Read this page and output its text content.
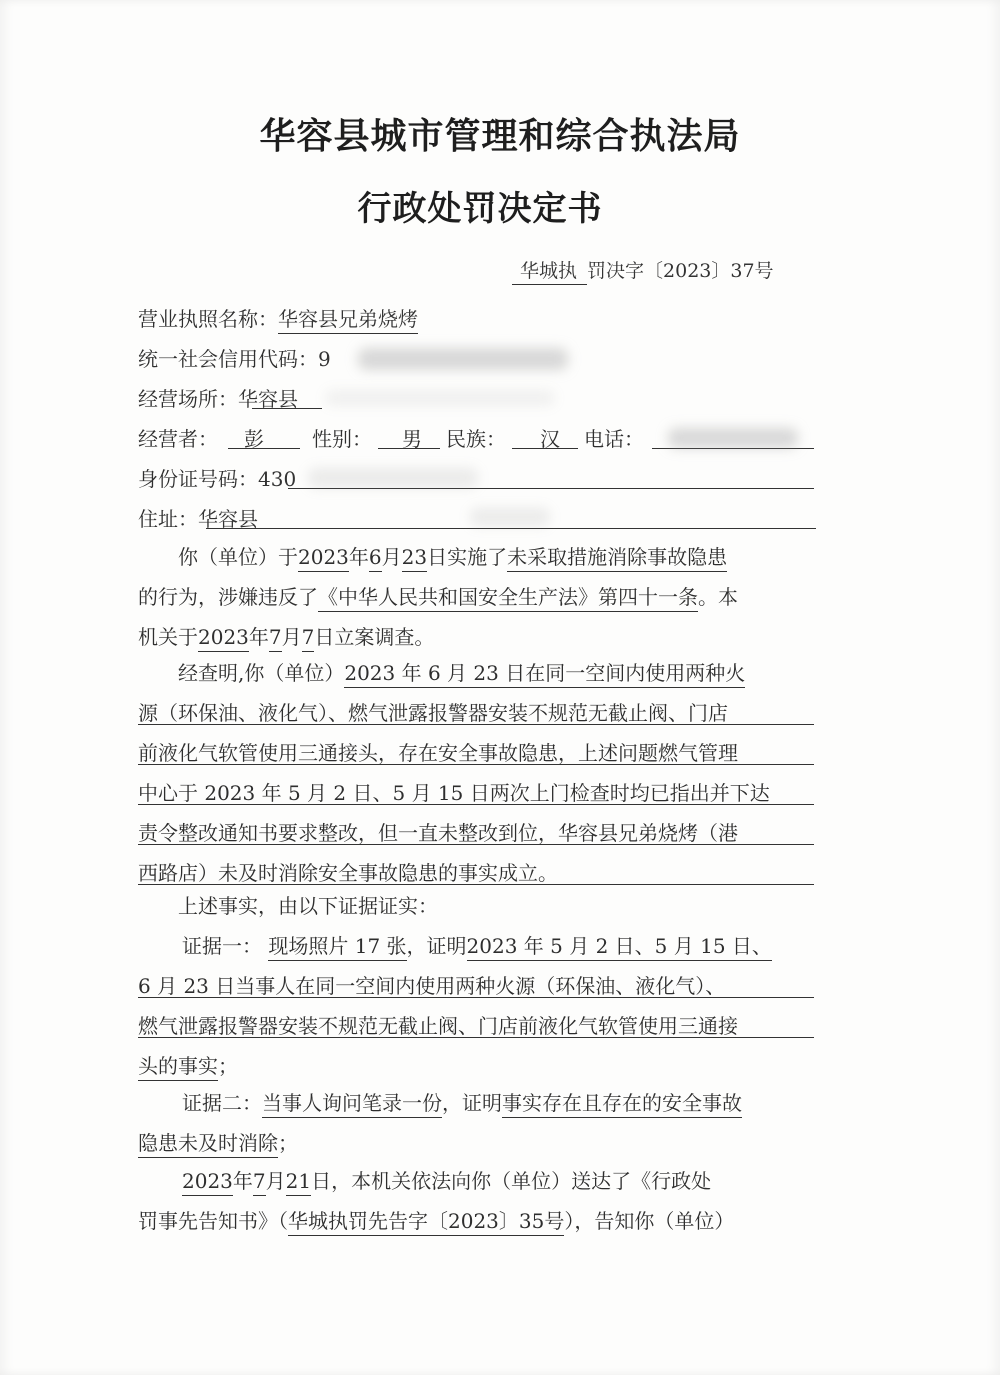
华容县城市管理和综合执法局
行政处罚决定书
华城执 罚决字〔2023〕37号
营业执照名称：华容县兄弟烧烤
统一社会信用代码：9
经营场所：华容县
经营者： 彭 性别： 男 民族： 汉 电话：
身份证号码：430
住址：华容县
你（单位）于2023年6月23日实施了未采取措施消除事故隐患
的行为，涉嫌违反了《中华人民共和国安全生产法》第四十一条。本
机关于2023年7月7日立案调查。
经查明,你（单位）2023 年 6 月 23 日在同一空间内使用两种火
源（环保油、液化气）、燃气泄露报警器安装不规范无截止阀、门店
前液化气软管使用三通接头，存在安全事故隐患，上述问题燃气管理
中心于 2023 年 5 月 2 日、5 月 15 日两次上门检查时均已指出并下达
责令整改通知书要求整改，但一直未整改到位，华容县兄弟烧烤（港
西路店）未及时消除安全事故隐患的事实成立。
上述事实，由以下证据证实：
证据一： 现场照片 17 张，证明2023 年 5 月 2 日、5 月 15 日、
6 月 23 日当事人在同一空间内使用两种火源（环保油、液化气）、
燃气泄露报警器安装不规范无截止阀、门店前液化气软管使用三通接
头的事实；
证据二：当事人询问笔录一份，证明事实存在且存在的安全事故
隐患未及时消除；
2023年7月21日，本机关依法向你（单位）送达了《行政处
罚事先告知书》（华城执罚先告字〔2023〕35号），告知你（单位）
